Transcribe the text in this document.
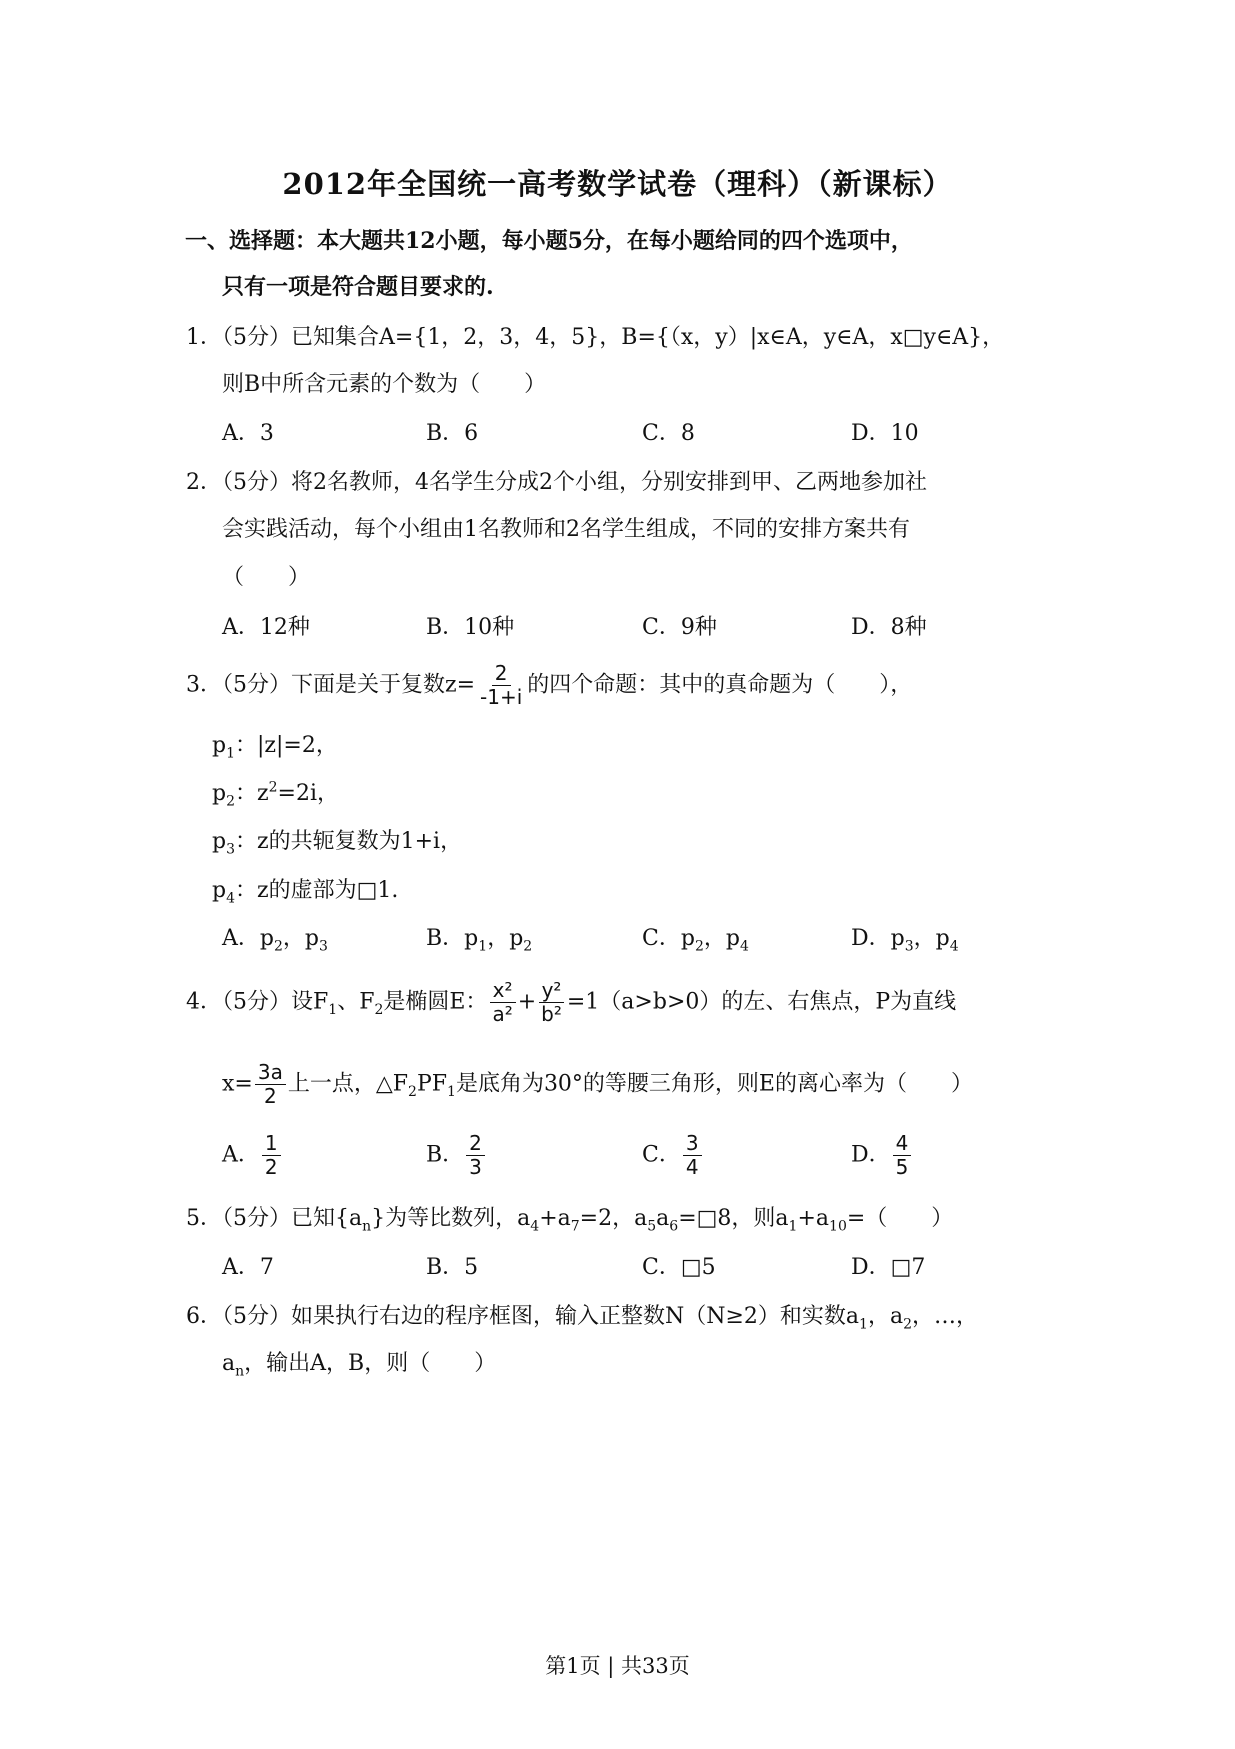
2012年全国统一高考数学试卷（理科）（新课标）
一、选择题：本大题共12小题，每小题5分，在每小题给同的四个选项中，
只有一项是符合题目要求的.
1．（5分）已知集合A={1，2，3，4，5}，B={（x，y）|x∈A，y∈A，x□y∈A}，
则B中所含元素的个数为（　　）
A．3	B．6	C．8	D．10
2．（5分）将2名教师，4名学生分成2个小组，分别安排到甲、乙两地参加社
会实践活动，每个小组由1名教师和2名学生组成，不同的安排方案共有
（　　）
A．12种	B．10种	C．9种	D．8种
3．（5分）下面是关于复数$z= \frac{2}{-1+i}$ 的四个命题：其中的真命题为（　　），
$p_1$：|z|=2，
$p_2$：$z^2=2i$，
$p_3$：z的共轭复数为1+i，
$p_4$：z的虚部为□1.
A．$p_2$，$p_3$	B．$p_1$，$p_2$	C．$p_2$，$p_4$	D．$p_3$，$p_4$
4．（5分）设$F_1$、$F_2$是椭圆E： $\frac{\text{x²}}{\text{a²}} + \frac{\text{y²}}{\text{b²}} =1(a>b>0)$的左、右焦点，P为直线
$x= \frac{3a}{2}$ 上一点，$\triangle F_2PF_1$是底角为30°的等腰三角形，则E的离心率为（　　）
A． $\frac{1}{2}$	B． $\frac{2}{3}$	C． $\frac{3}{4}$	D． $\frac{4}{5}$
5．（5分）已知$\{a_n\}$为等比数列，$a_4+a_7=2$，$a_5a_6=□8$，则$a_1+a_{10}=$（　　）
A．7	B．5	C．□5	D．□7
6．（5分）如果执行右边的程序框图，输入正整数N（N≥2）和实数$a_1$，$a_2$，…，
$a_n$，输出A，B，则（　　）
第1页 | 共33页
